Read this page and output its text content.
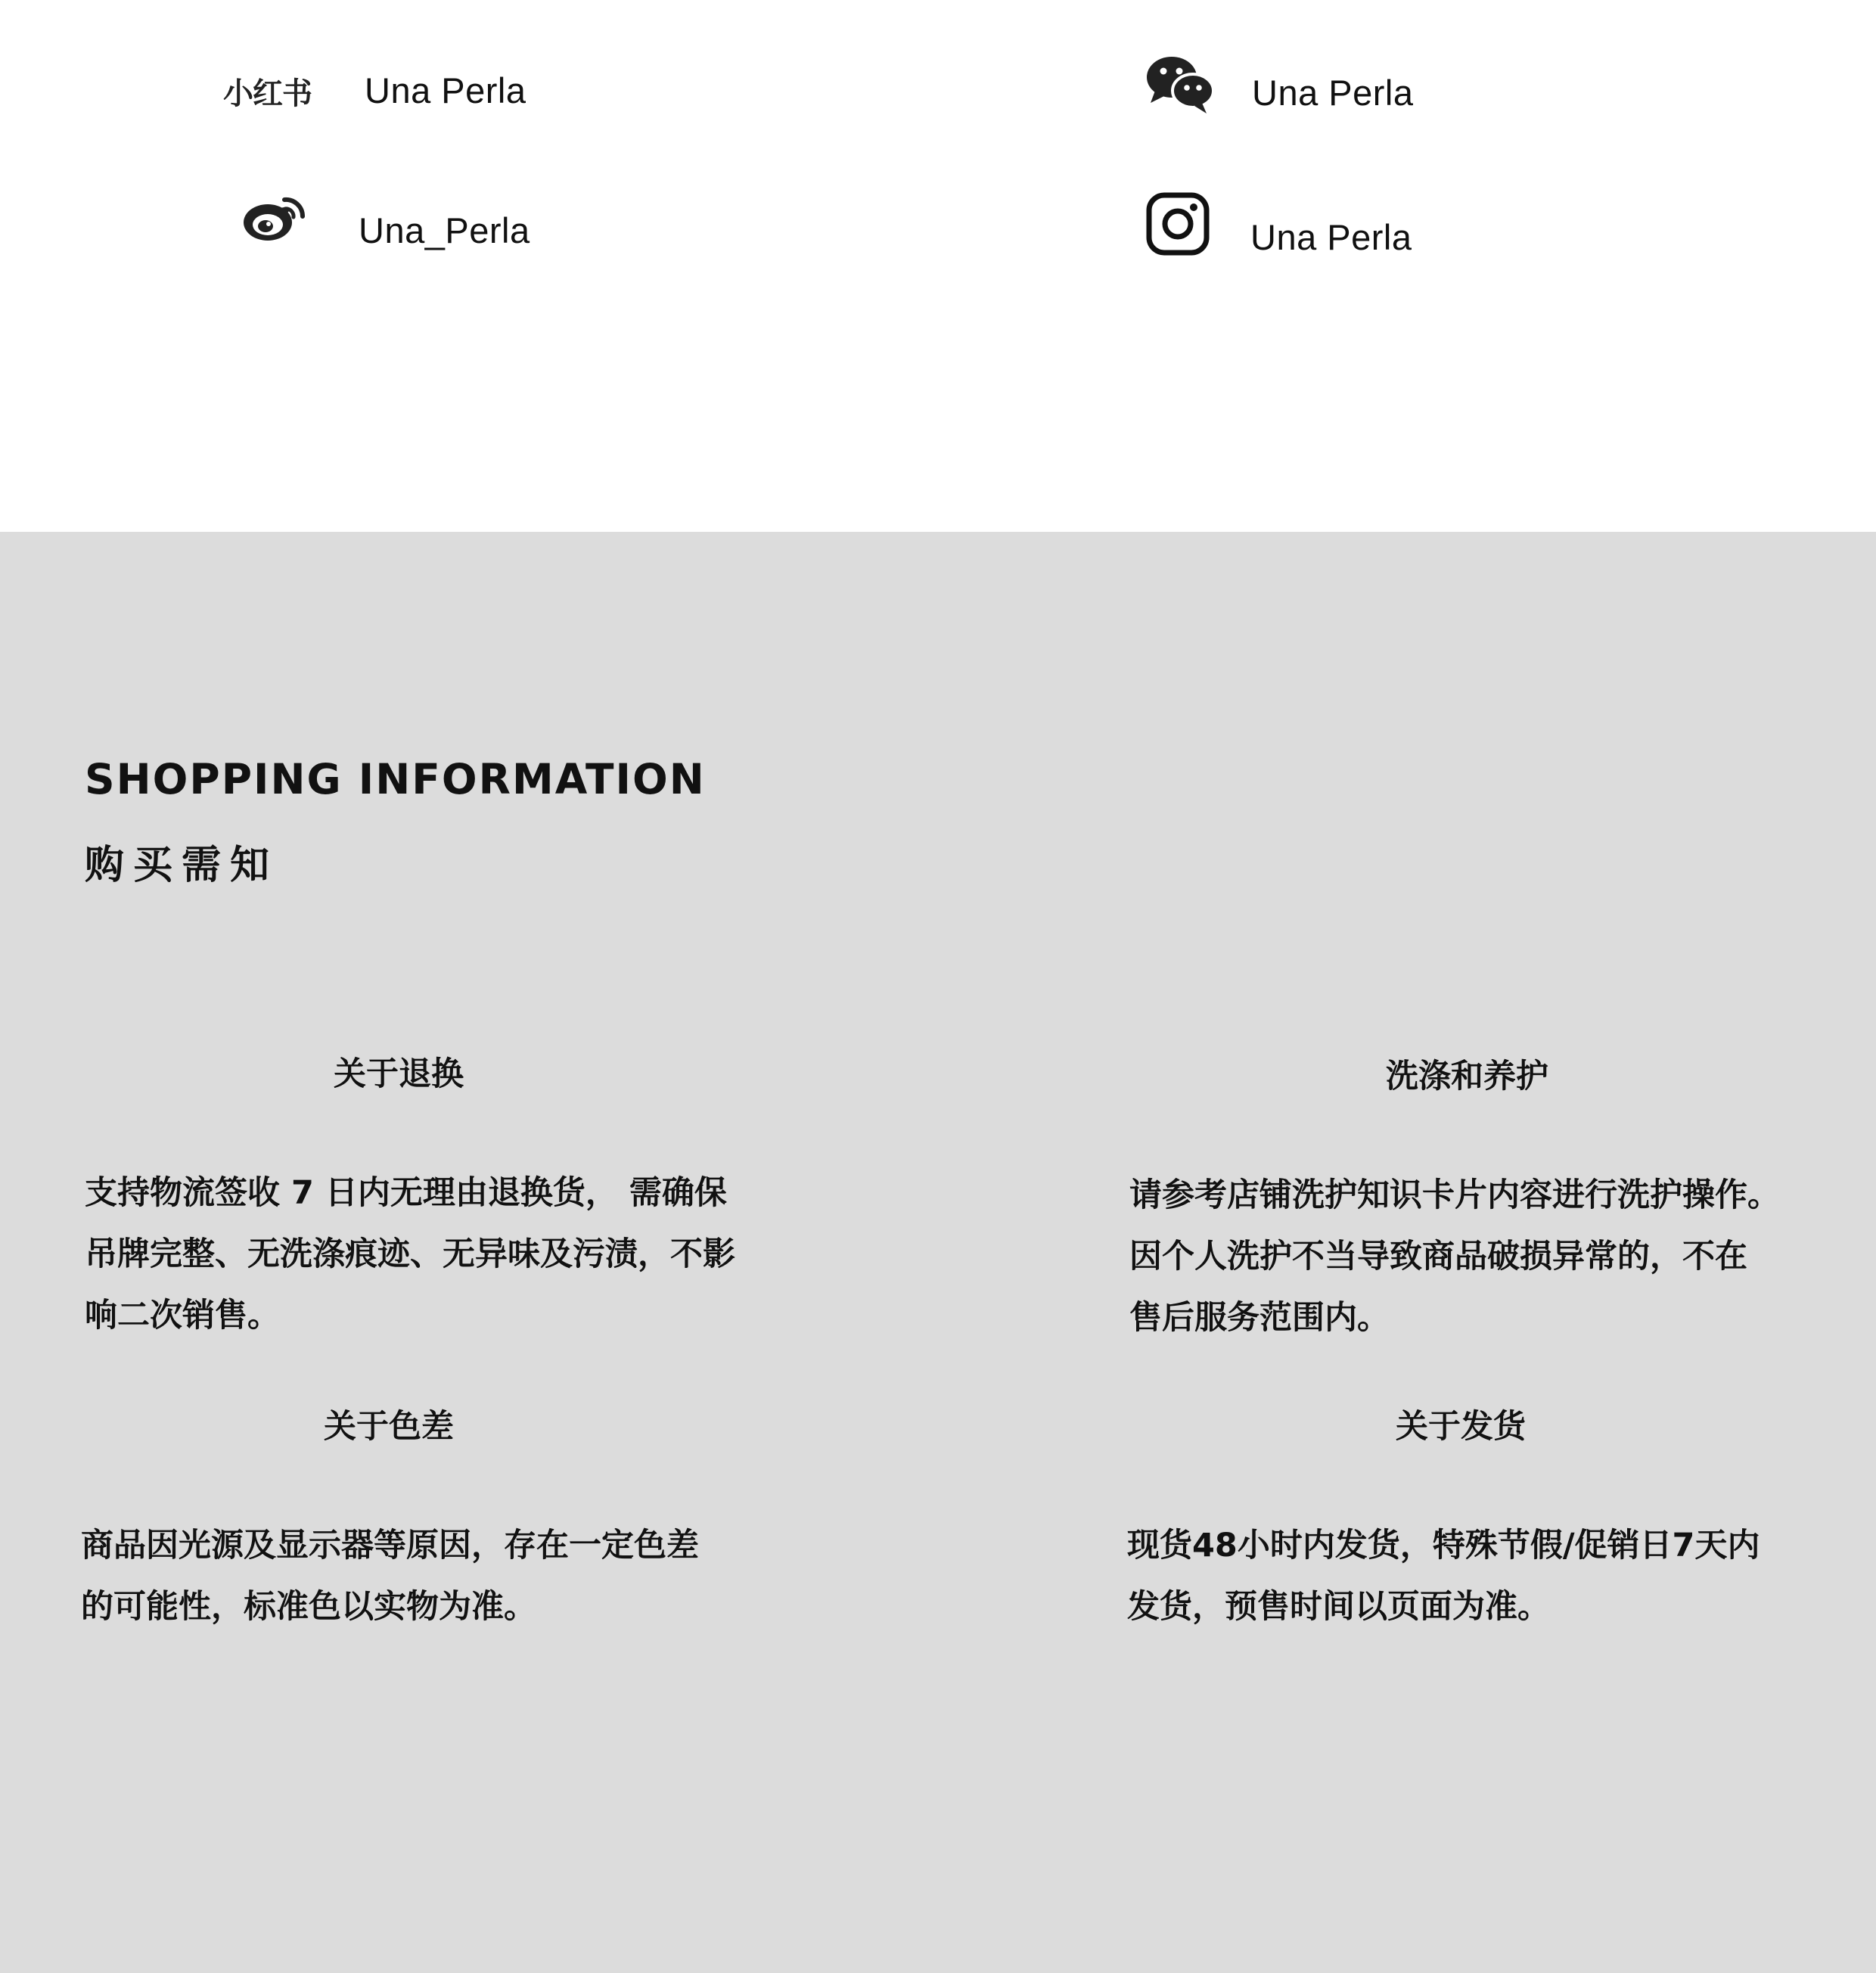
小红书 Una Perla	Una Perla
Una_Perla	Una Perla
SHOPPING INFORMATION
购买需知
关于退换
支持物流签收 7 日内无理由退换货， 需确保
吊牌完整、无洗涤痕迹、无异味及污渍，不影
响二次销售。
洗涤和养护
请参考店铺洗护知识卡片内容进行洗护操作。
因个人洗护不当导致商品破损异常的，不在
售后服务范围内。
关于色差
商品因光源及显示器等原因，存在一定色差
的可能性，标准色以实物为准。
关于发货
现货48小时内发货，特殊节假/促销日7天内
发货，预售时间以页面为准。
